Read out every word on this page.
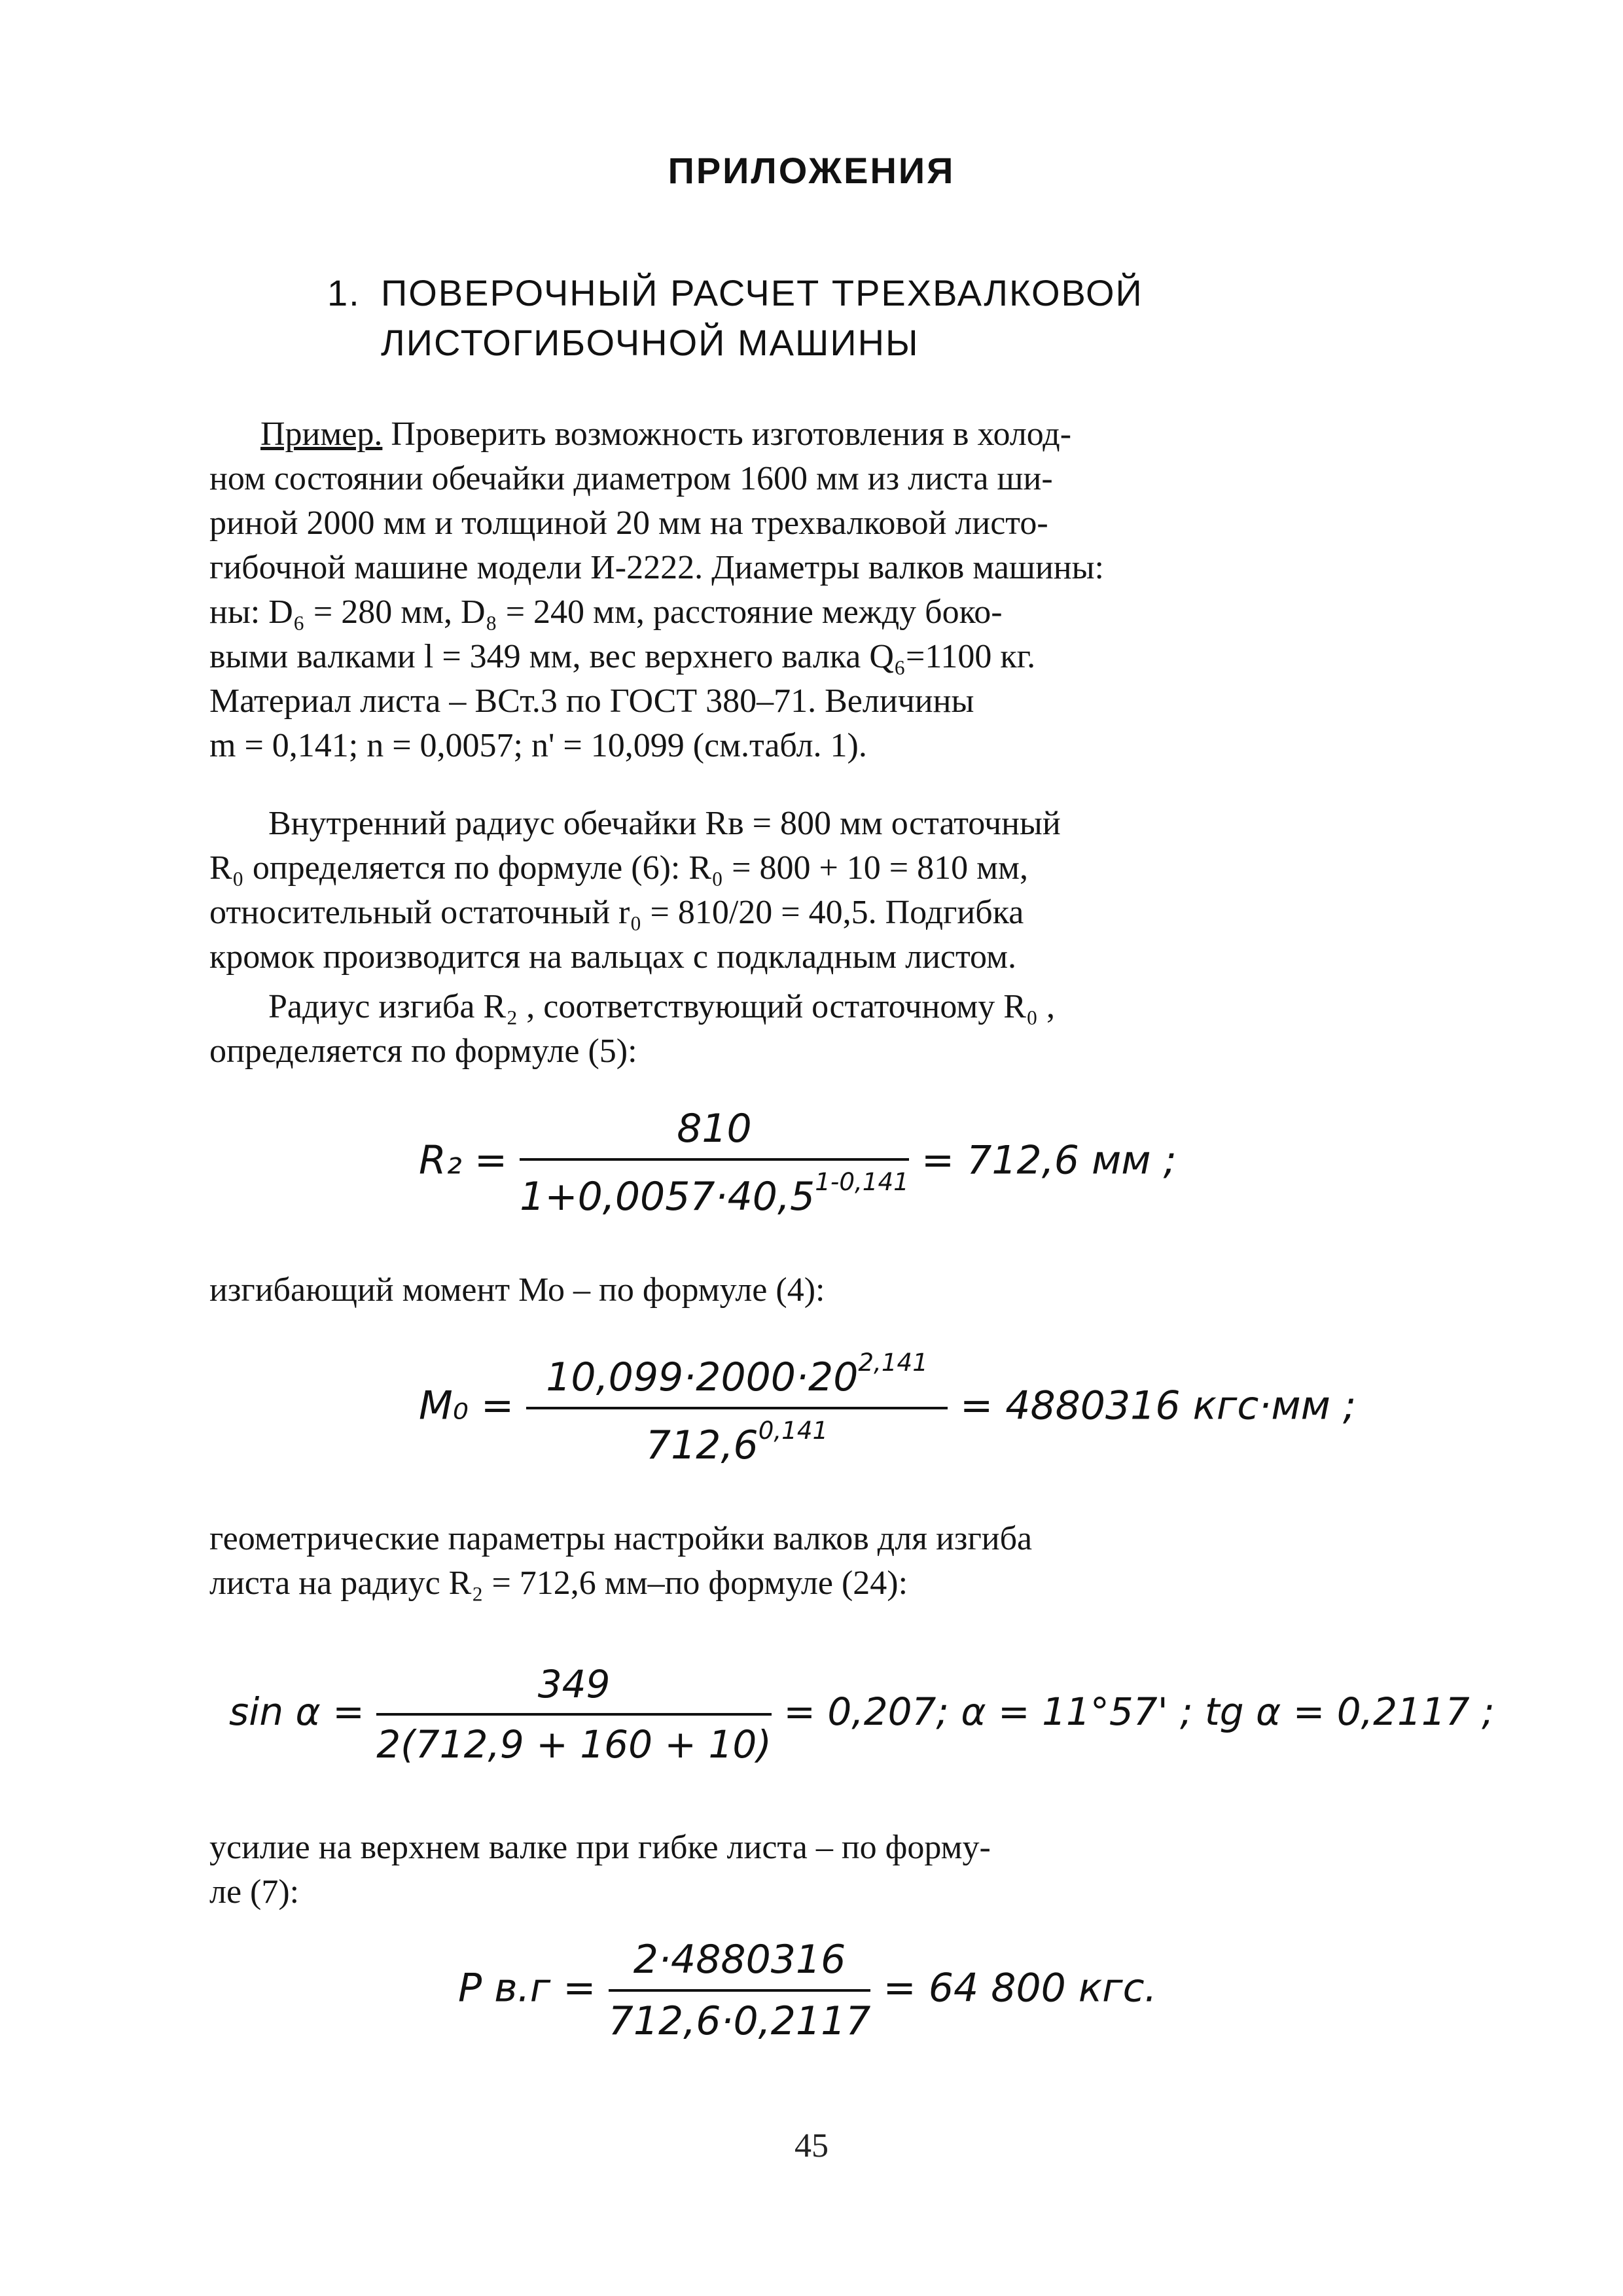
ПРИЛОЖЕНИЯ
1. ПОВЕРОЧНЫЙ РАСЧЕТ ТРЕХВАЛКОВОЙ
ЛИСТОГИБОЧНОЙ МАШИНЫ
Пример. Проверить возможность изготовления в холод-
ном состоянии обечайки диаметром 1600 мм из листа ши-
риной 2000 мм и толщиной 20 мм на трехвалковой листо-
гибочной машине модели И-2222. Диаметры валков машины:
ны: D₆ = 280 мм, D₈ = 240 мм, расстояние между боко-
выми валками l = 349 мм, вес верхнего валка Q₆=1100 кг.
Материал листа – ВСт.3 по ГОСТ 380–71. Величины
m = 0,141; n = 0,0057; n' = 10,099 (см.табл. 1).
Внутренний радиус обечайки Rв = 800 мм остаточный
R₀ определяется по формуле (6): R₀ = 800 + 10 = 810 мм,
относительный остаточный r₀ = 810/20 = 40,5. Подгибка
кромок производится на вальцах с подкладным листом.
Радиус изгиба R₂ , соответствующий остаточному R₀ ,
определяется по формуле (5):
$R_2 = \frac{810}{1+0,0057\cdot 40,5^{1-0,141}} = 712,6$ мм ;
изгибающий момент Мо – по формуле (4):
$M_0 = \frac{10,099\cdot 2000\cdot 20^{2,141}}{712,6^{0,141}} = 4880316$ кгс·мм ;
геометрические параметры настройки валков для изгиба
листа на радиус R₂ = 712,6 мм–по формуле (24):
$\sin \alpha = \frac{349}{2(712,9 + 160 + 10)} = 0,207$; α = 11°57' ; tg α = 0,2117 ;
усилие на верхнем валке при гибке листа – по форму-
ле (7):
P $в.г = \frac{2\cdot 4880316}{712,6\cdot 0,2117} = 64$ 800 кгс.
45
